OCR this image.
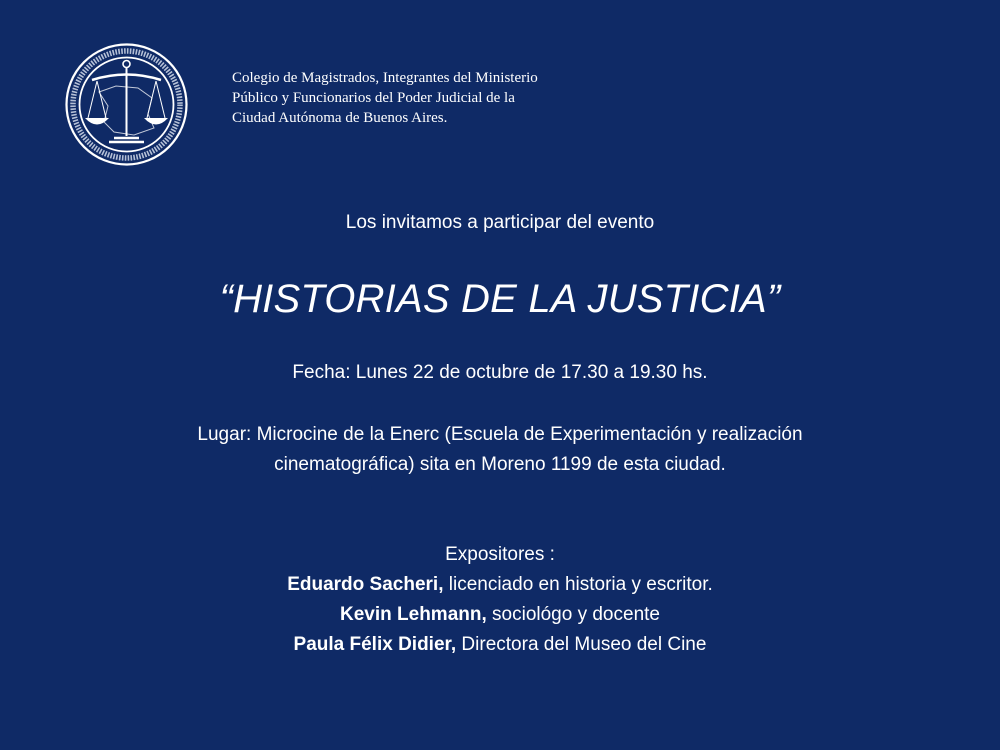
Colegio de Magistrados, Integrantes del Ministerio
Público y Funcionarios del Poder Judicial de la
Ciudad Autónoma de Buenos Aires.
Los invitamos a participar del evento
“HISTORIAS DE LA JUSTICIA”
Fecha: Lunes 22 de octubre de 17.30 a 19.30 hs.
Lugar: Microcine de la Enerc (Escuela de Experimentación y realización cinematográfica) sita en Moreno 1199 de esta ciudad.
Expositores :
Eduardo Sacheri, licenciado en historia y escritor.
Kevin Lehmann, sociológo y docente
Paula Félix Didier, Directora del Museo del Cine
